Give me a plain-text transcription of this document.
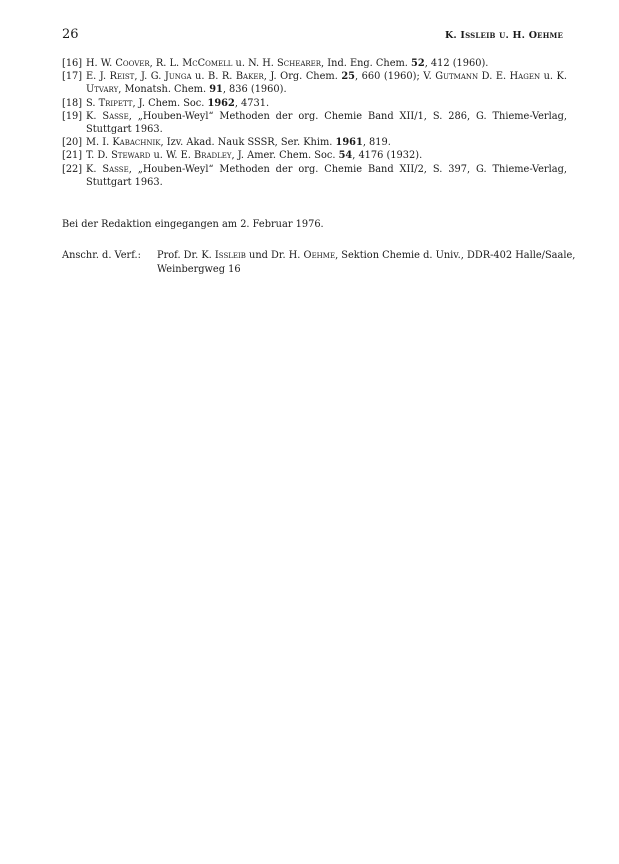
26	K. Issleib u. H. Oehme
[16] H. W. Coover, R. L. McComell u. N. H. Schearer, Ind. Eng. Chem. 52, 412 (1960).
[17] E. J. Reist, J. G. Junga u. B. R. Baker, J. Org. Chem. 25, 660 (1960); V. Gutmann D. E. Hagen u. K. Utvary, Monatsh. Chem. 91, 836 (1960).
[18] S. Tripett, J. Chem. Soc. 1962, 4731.
[19] K. Sasse, „Houben-Weyl“ Methoden der org. Chemie Band XII/1, S. 286, G. Thieme-Verlag, Stuttgart 1963.
[20] M. I. Kabachnik, Izv. Akad. Nauk SSSR, Ser. Khim. 1961, 819.
[21] T. D. Steward u. W. E. Bradley, J. Amer. Chem. Soc. 54, 4176 (1932).
[22] K. Sasse, „Houben-Weyl“ Methoden der org. Chemie Band XII/2, S. 397, G. Thieme-Verlag, Stuttgart 1963.
Bei der Redaktion eingegangen am 2. Februar 1976.
Anschr. d. Verf.:	Prof. Dr. K. Issleib und Dr. H. Oehme, Sektion Chemie d. Univ., DDR-402 Halle/Saale, Weinbergweg 16
